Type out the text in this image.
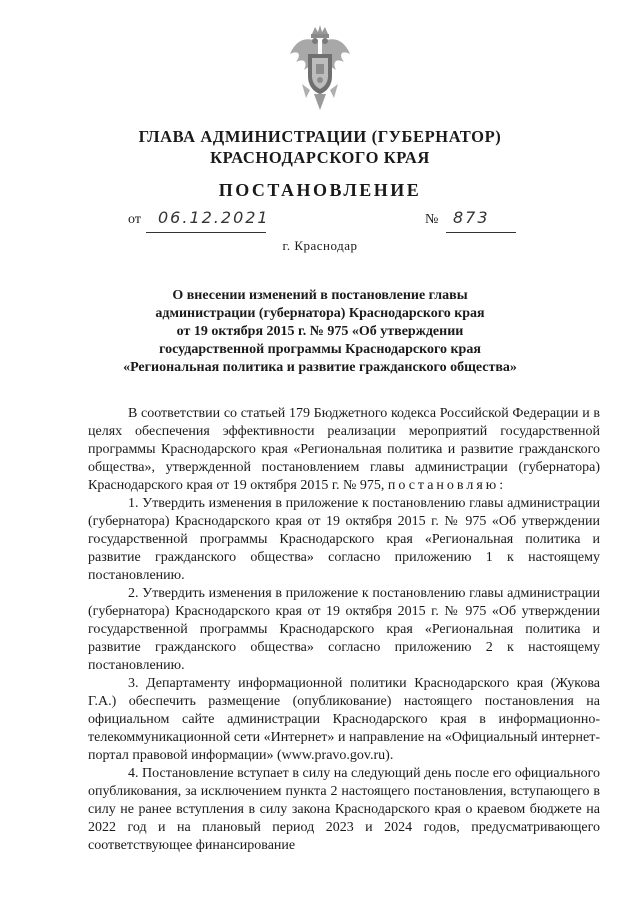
ГЛАВА АДМИНИСТРАЦИИ (ГУБЕРНАТОР)
КРАСНОДАРСКОГО КРАЯ
ПОСТАНОВЛЕНИЕ
от 06.12.2021	№ 873
г. Краснодар
О внесении изменений в постановление главы
администрации (губернатора) Краснодарского края
от 19 октября 2015 г. № 975 «Об утверждении
государственной программы Краснодарского края
«Региональная политика и развитие гражданского общества»

В соответствии со статьей 179 Бюджетного кодекса Российской Федерации и в целях обеспечения эффективности реализации мероприятий государственной программы Краснодарского края «Региональная политика и развитие гражданского общества», утвержденной постановлением главы администрации (губернатора) Краснодарского края от 19 октября 2015 г. № 975, постановляю:

1. Утвердить изменения в приложение к постановлению главы администрации (губернатора) Краснодарского края от 19 октября 2015 г. № 975 «Об утверждении государственной программы Краснодарского края «Региональная политика и развитие гражданского общества» согласно приложению 1 к настоящему постановлению.

2. Утвердить изменения в приложение к постановлению главы администрации (губернатора) Краснодарского края от 19 октября 2015 г. № 975 «Об утверждении государственной программы Краснодарского края «Региональная политика и развитие гражданского общества» согласно приложению 2 к настоящему постановлению.

3. Департаменту информационной политики Краснодарского края (Жукова Г.А.) обеспечить размещение (опубликование) настоящего постановления на официальном сайте администрации Краснодарского края в информационно-телекоммуникационной сети «Интернет» и направление на «Официальный интернет-портал правовой информации» (www.pravo.gov.ru).

4. Постановление вступает в силу на следующий день после его официального опубликования, за исключением пункта 2 настоящего постановления, вступающего в силу не ранее вступления в силу закона Краснодарского края о краевом бюджете на 2022 год и на плановый период 2023 и 2024 годов, предусматривающего соответствующее финансирование
